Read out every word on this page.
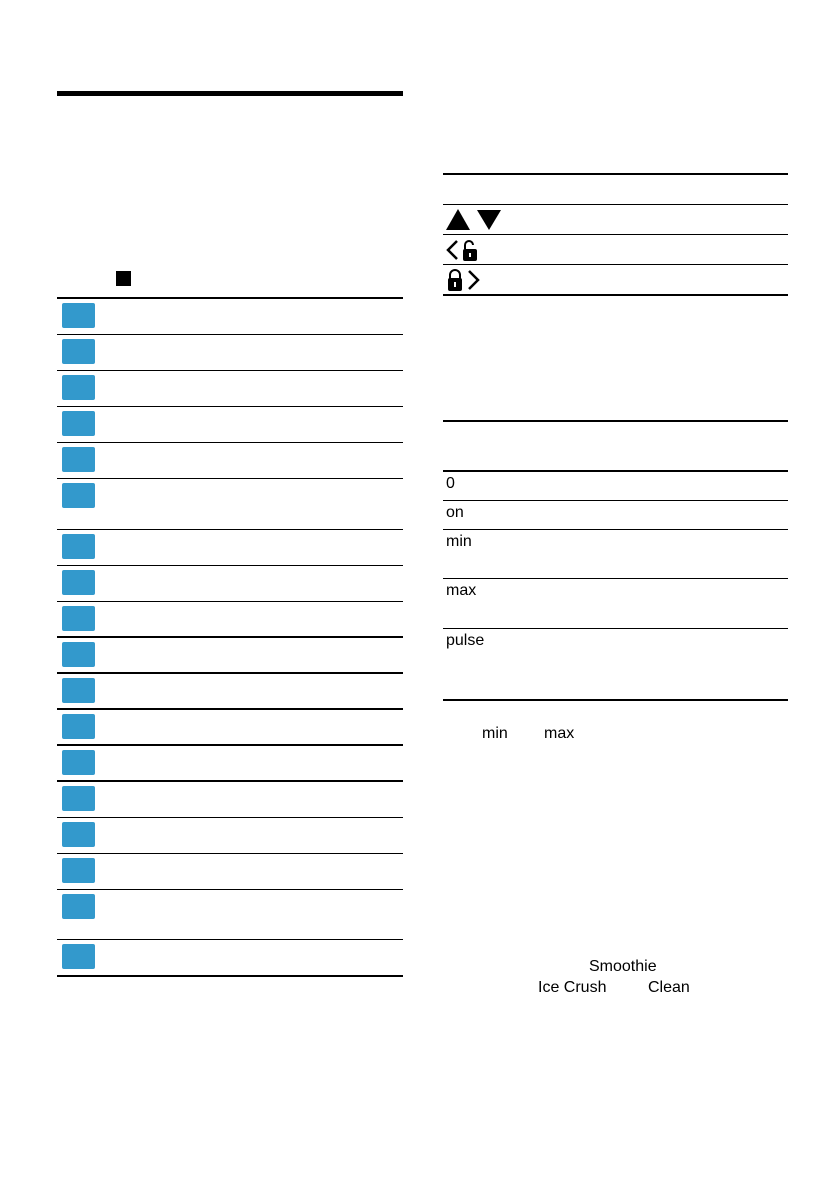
0
on
min
max
pulse
min max
Smoothie
Ice Crush	Clean
